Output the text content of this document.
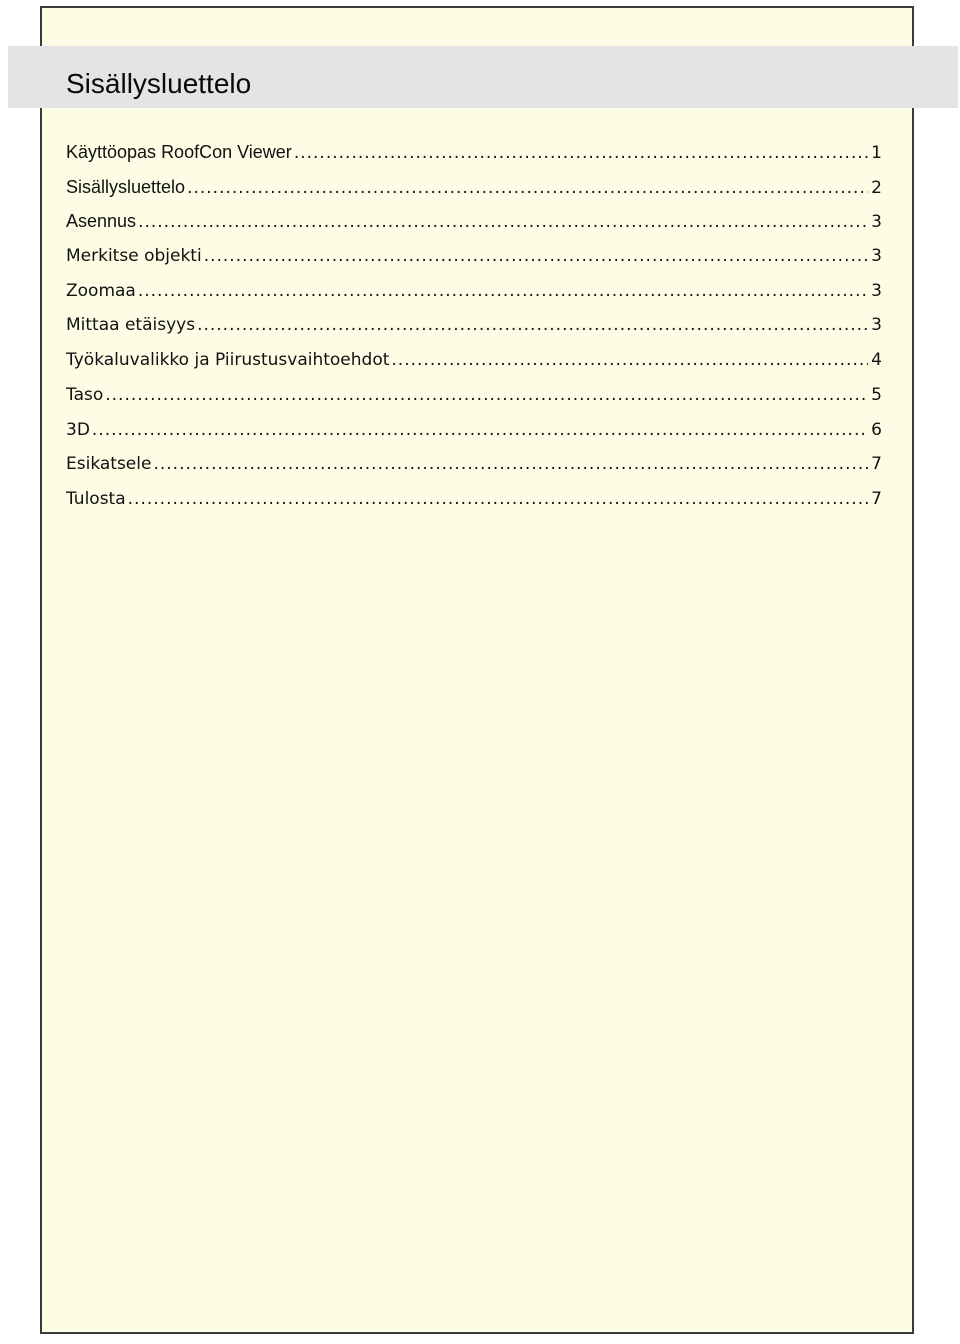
Sisällysluettelo
Käyttöopas RoofCon Viewer .....	1
Sisällysluettelo .....	2
Asennus .....	3
Merkitse objekti .....	3
Zoomaa .....	3
Mittaa etäisyys .....	3
Työkaluvalikko ja Piirustusvaihtoehdot .....	4
Taso .....	5
3D .....	6
Esikatsele .....	7
Tulosta .....	7
